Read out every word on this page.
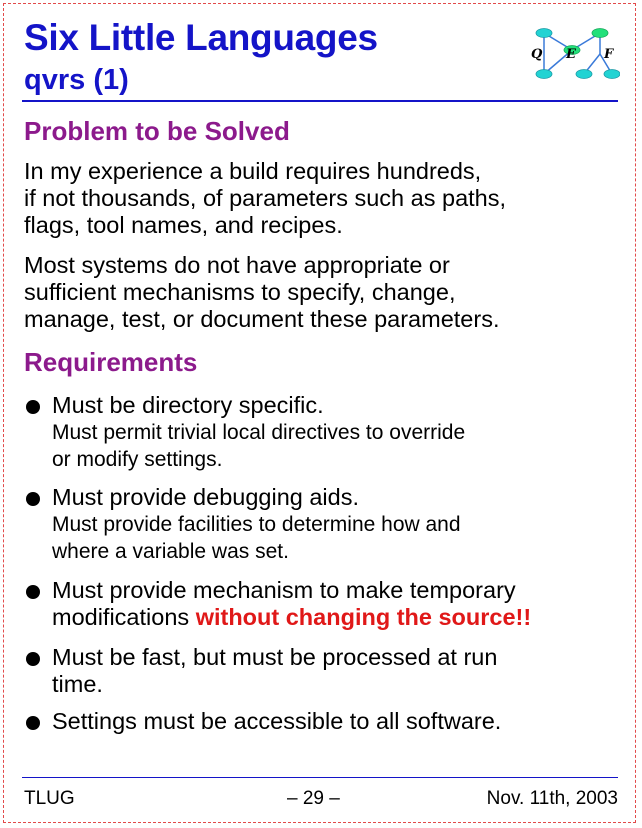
Six Little Languages
qvrs (1)
Q E F
Problem to be Solved

In my experience a build requires hundreds,
if not thousands, of parameters such as paths,
flags, tool names, and recipes.

Most systems do not have appropriate or
sufficient mechanisms to specify, change,
manage, test, or document these parameters.

Requirements
Must be directory specific.
Must permit trivial local directives to override
or modify settings.
Must provide debugging aids.
Must provide facilities to determine how and
where a variable was set.
Must provide mechanism to make temporary
modifications without changing the source!!
Must be fast, but must be processed at run
time.
Settings must be accessible to all software.

TLUG	– 29 –	Nov. 11th, 2003
